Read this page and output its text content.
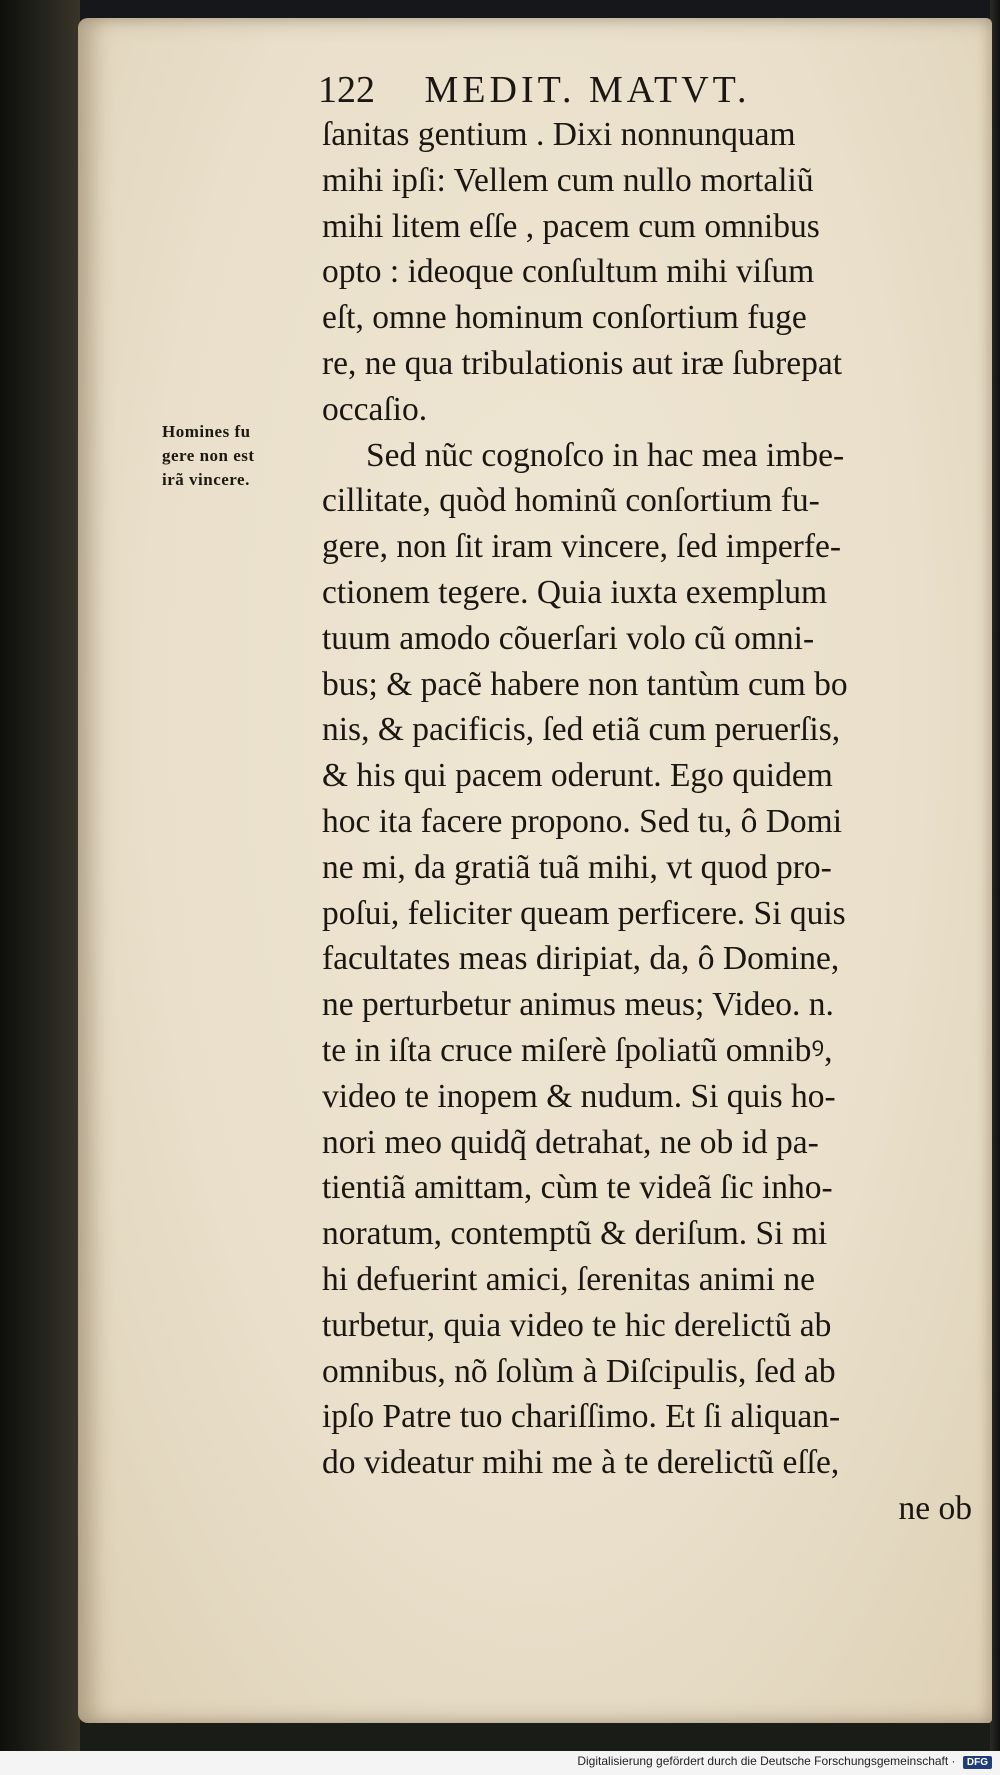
122 MEDIT. MATVT.
Homines fu
gere non est
irã vincere.
ſanitas gentium . Dixi nonnunquam
mihi ipſi: Vellem cum nullo mortaliũ
mihi litem eſſe , pacem cum omnibus
opto : ideoque conſultum mihi viſum
eſt, omne hominum conſortium fuge
re, ne qua tribulationis aut iræ ſubrepat
occaſio.
Sed nũc cognoſco in hac mea imbe-
cillitate, quòd hominũ conſortium fu-
gere, non ſit iram vincere, ſed imperfe-
ctionem tegere. Quia iuxta exemplum
tuum amodo cõuerſari volo cũ omni-
bus; & pacẽ habere non tantùm cum bo
nis, & pacificis, ſed etiã cum peruerſis,
& his qui pacem oderunt. Ego quidem
hoc ita facere propono. Sed tu, ô Domi
ne mi, da gratiã tuã mihi, vt quod pro-
poſui, feliciter queam perficere. Si quis
facultates meas diripiat, da, ô Domine,
ne perturbetur animus meus; Video. n.
te in iſta cruce miſerè ſpoliatũ omnibꝰ,
video te inopem & nudum. Si quis ho-
nori meo quidq̃ detrahat, ne ob id pa-
tientiã amittam, cùm te videã ſic inho-
noratum, contemptũ & deriſum. Si mi
hi defuerint amici, ſerenitas animi ne
turbetur, quia video te hic derelictũ ab
omnibus, nõ ſolùm à Diſcipulis, ſed ab
ipſo Patre tuo chariſſimo. Et ſi aliquan-
do videatur mihi me à te derelictũ eſſe,
ne ob
Digitalisierung gefördert durch die Deutsche Forschungsgemeinschaft · DFG
